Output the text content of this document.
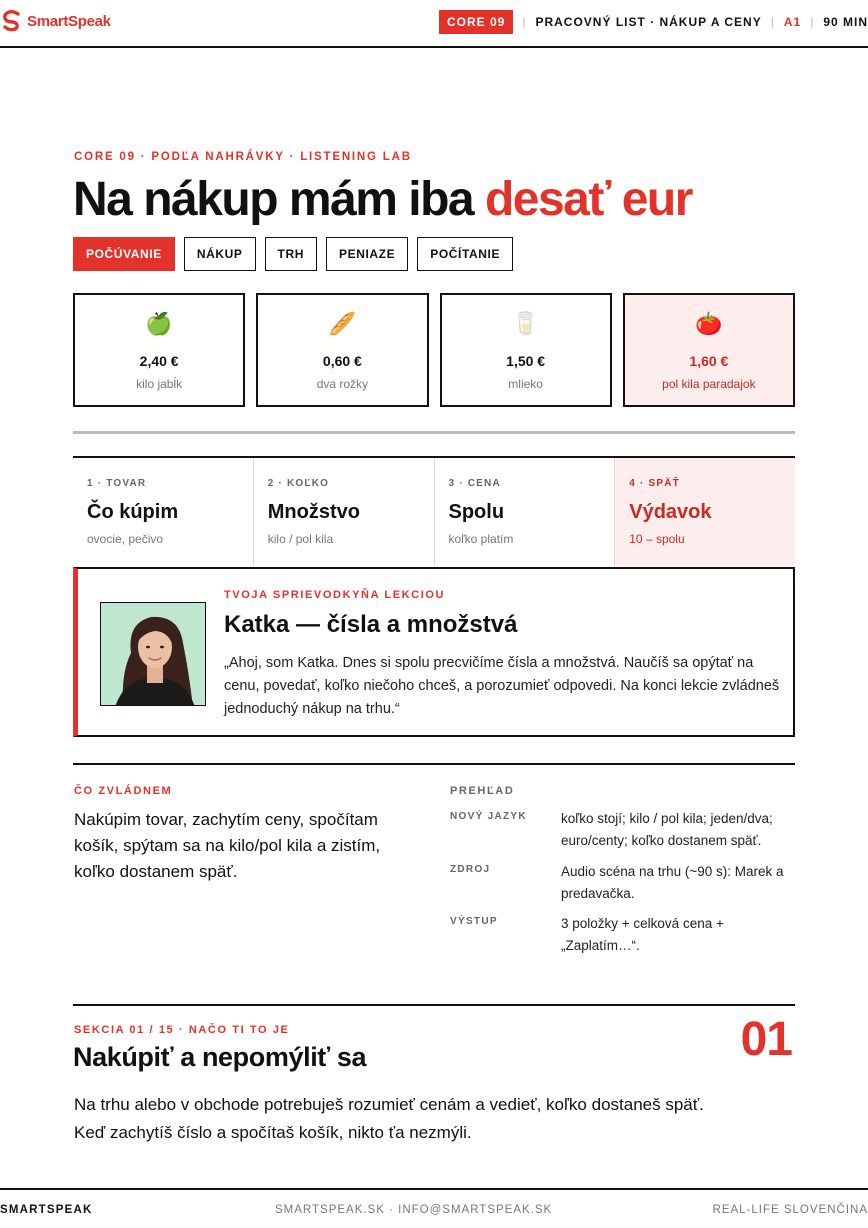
SmartSpeak	CORE 09	| PRACOVNÝ LIST · NÁKUP A CENY | A1 | 90 MIN
CORE 09 · PODĽA NAHRÁVKY · LISTENING LAB
Na nákup mám iba desať eur
POČÚVANIE	NÁKUP	TRH	PENIAZE	POČÍTANIE
🍏
2,40 €
kilo jabĺk
🥖
0,60 €
dva rožky
🥛
1,50 €
mlieko
🍅
1,60 €
pol kila paradajok
1 · TOVAR
Čo kúpim
ovocie, pečivo
2 · KOĽKO
Množstvo
kilo / pol kila
3 · CENA
Spolu
koľko platím
4 · SPÄŤ
Výdavok
10 – spolu
TVOJA SPRIEVODKYŇA LEKCIOU
Katka — čísla a množstvá
„Ahoj, som Katka. Dnes si spolu precvičíme čísla a množstvá. Naučíš sa opýtať na cenu, povedať, koľko niečoho chceš, a porozumieť odpovedi. Na konci lekcie zvládneš jednoduchý nákup na trhu.“
ČO ZVLÁDNEM
Nakúpim tovar, zachytím ceny, spočítam košík, spýtam sa na kilo/pol kila a zistím, koľko dostanem späť.
PREHĽAD
NOVÝ JAZYK	koľko stojí; kilo / pol kila; jeden/dva; euro/centy; koľko dostanem späť.
ZDROJ	Audio scéna na trhu (~90 s): Marek a predavačka.
VÝSTUP	3 položky + celková cena + „Zaplatím…“.
SEKCIA 01 / 15 · NAČO TI TO JE	01
Nakúpiť a nepomýliť sa

Na trhu alebo v obchode potrebuješ rozumieť cenám a vedieť, koľko dostaneš späť. Keď zachytíš číslo a spočítaš košík, nikto ťa nezmýli.

SMARTSPEAK	SMARTSPEAK.SK · INFO@SMARTSPEAK.SK	REAL-LIFE SLOVENČINA
